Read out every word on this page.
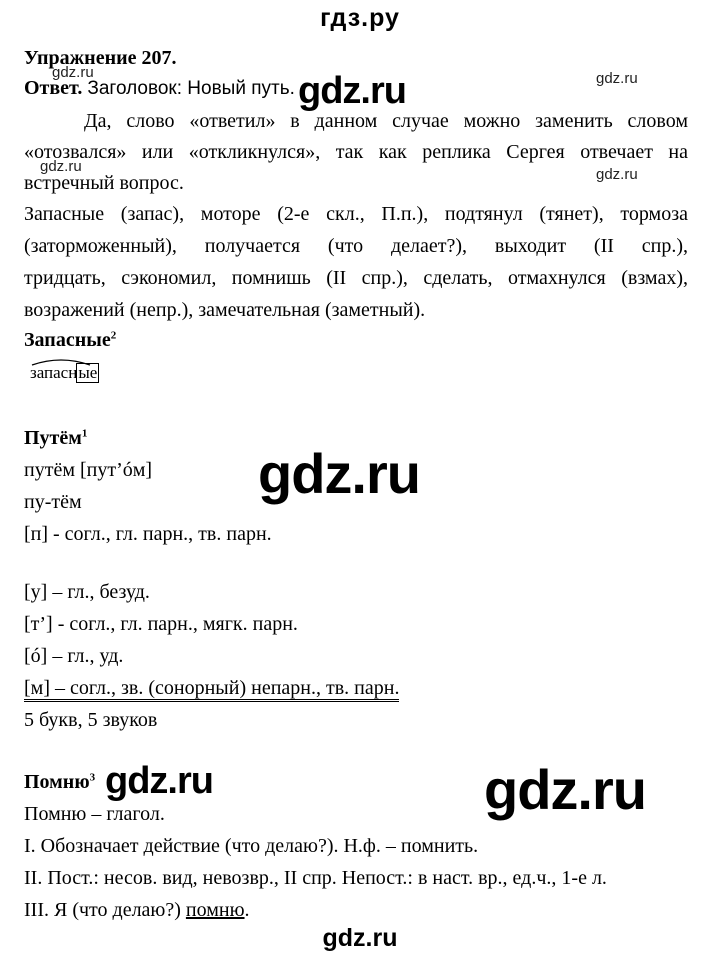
гдз.ру
Упражнение 207.
Ответ. Заголовок: Новый путь.
Да, слово «ответил» в данном случае можно заменить словом «отозвался» или «откликнулся», так как реплика Сергея отвечает на встречный вопрос.
Запасные (запас), моторе (2-е скл., П.п.), подтянул (тянет), тормоза
(заторможенный), получается (что делает?), выходит (II спр.),
тридцать, сэкономил, помнишь (II спр.), сделать, отмахнулся (взмах),
возражений (непр.), замечательная (заметный).
Запасные$^2$
запасные
Путём$^1$
путём [пут’óм]
пу-тём
[п] - согл., гл. парн., тв. парн.
[у] – гл., безуд.
[т’] - согл., гл. парн., мягк. парн.
[ó] – гл., уд.
[м] – согл., зв. (сонорный) непарн., тв. парн.
5 букв, 5 звуков
Помню$^3$
Помню – глагол.
I. Обозначает действие (что делаю?). Н.ф. – помнить.
II. Пост.: несов. вид, невозвр., II спр. Непост.: в наст. вр., ед.ч., 1-е л.
III. Я (что делаю?) помню.
gdz.ru	gdz.ru
gdz.ru	gdz.ru
gdz.ru
gdz.ru
gdz.ru	gdz.ru
gdz.ru
